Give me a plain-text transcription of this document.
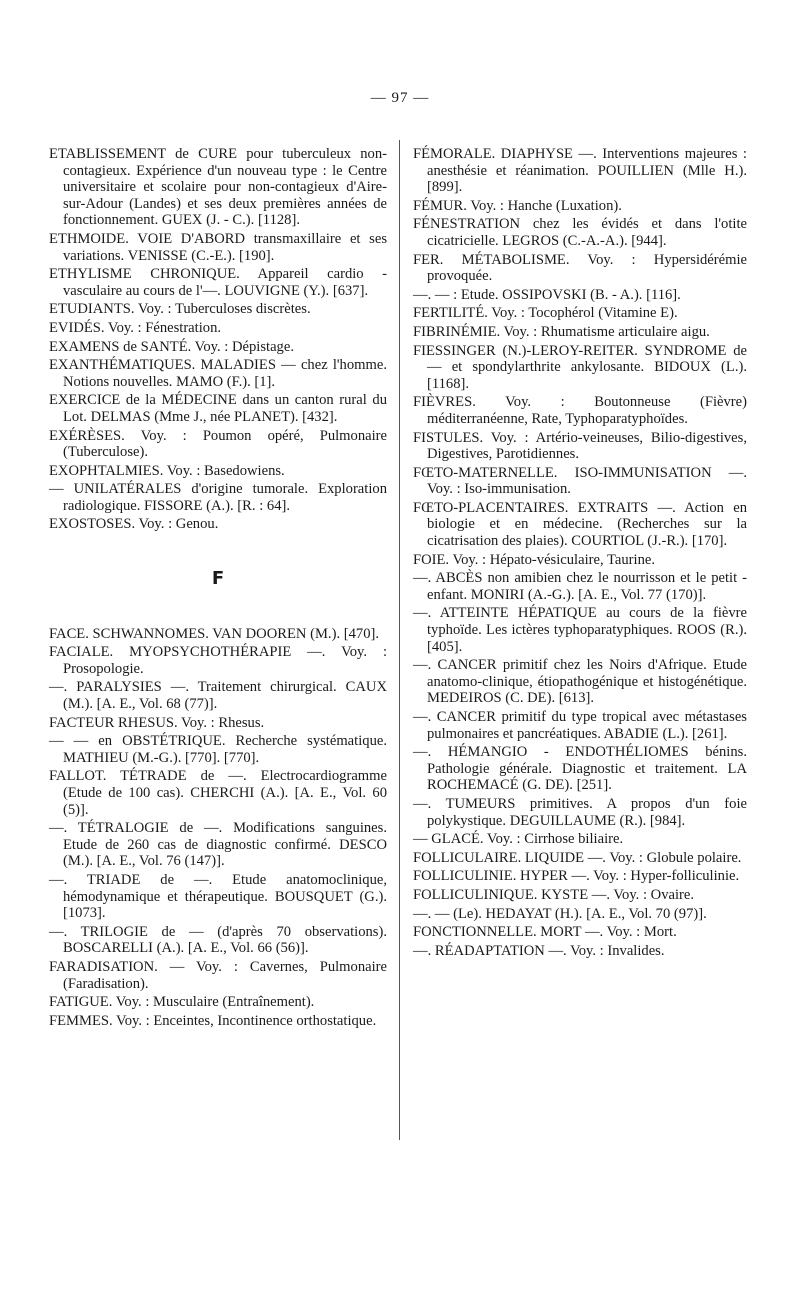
— 97 —

ETABLISSEMENT de CURE pour tuberculeux non-contagieux. Expérience d'un nouveau type : le Centre universitaire et scolaire pour non-contagieux d'Aire-sur-Adour (Landes) et ses deux premières années de fonctionnement. GUEX (J. - C.). [1128].

ETHMOIDE. VOIE D'ABORD transmaxillaire et ses variations. VENISSE (C.-E.). [190].

ETHYLISME CHRONIQUE. Appareil cardio - vasculaire au cours de l'—. LOUVIGNE (Y.). [637].

ETUDIANTS. Voy. : Tuberculoses discrètes.

EVIDÉS. Voy. : Fénestration.

EXAMENS de SANTÉ. Voy. : Dépistage.

EXANTHÉMATIQUES. MALADIES — chez l'homme. Notions nouvelles. MAMO (F.). [1].

EXERCICE de la MÉDECINE dans un canton rural du Lot. DELMAS (Mme J., née PLANET). [432].

EXÉRÈSES. Voy. : Poumon opéré, Pulmonaire (Tuberculose).

EXOPHTALMIES. Voy. : Basedowiens.

— UNILATÉRALES d'origine tumorale. Exploration radiologique. FISSORE (A.). [R. : 64].

EXOSTOSES. Voy. : Genou.

F

FACE. SCHWANNOMES. VAN DOOREN (M.). [470].

FACIALE. MYOPSYCHOTHÉRAPIE —. Voy. : Prosopologie.

—. PARALYSIES —. Traitement chirurgical. CAUX (M.). [A. E., Vol. 68 (77)].

FACTEUR RHESUS. Voy. : Rhesus.

— — en OBSTÉTRIQUE. Recherche systématique. MATHIEU (M.-G.). [770]. [770].

FALLOT. TÉTRADE de —. Electrocardiogramme (Etude de 100 cas). CHERCHI (A.). [A. E., Vol. 60 (5)].

—. TÉTRALOGIE de —. Modifications sanguines. Etude de 260 cas de diagnostic confirmé. DESCO (M.). [A. E., Vol. 76 (147)].

—. TRIADE de —. Etude anatomoclinique, hémodynamique et thérapeutique. BOUSQUET (G.). [1073].

—. TRILOGIE de — (d'après 70 observations). BOSCARELLI (A.). [A. E., Vol. 66 (56)].

FARADISATION. — Voy. : Cavernes, Pulmonaire (Faradisation).

FATIGUE. Voy. : Musculaire (Entraînement).

FEMMES. Voy. : Enceintes, Incontinence orthostatique.

FÉMORALE. DIAPHYSE —. Interventions majeures : anesthésie et réanimation. POUILLIEN (Mlle H.). [899].

FÉMUR. Voy. : Hanche (Luxation).

FÉNESTRATION chez les évidés et dans l'otite cicatricielle. LEGROS (C.-A.-A.). [944].

FER. MÉTABOLISME. Voy. : Hypersidérémie provoquée.

—. — : Etude. OSSIPOVSKI (B. - A.). [116].

FERTILITÉ. Voy. : Tocophérol (Vitamine E).

FIBRINÉMIE. Voy. : Rhumatisme articulaire aigu.

FIESSINGER (N.)-LEROY-REITER. SYNDROME de — et spondylarthrite ankylosante. BIDOUX (L.). [1168].

FIÈVRES. Voy. : Boutonneuse (Fièvre) méditerranéenne, Rate, Typhoparatyphoïdes.

FISTULES. Voy. : Artério-veineuses, Bilio-digestives, Digestives, Parotidiennes.

FŒTO-MATERNELLE. ISO-IMMUNISATION —. Voy. : Iso-immunisation.

FŒTO-PLACENTAIRES. EXTRAITS —. Action en biologie et en médecine. (Recherches sur la cicatrisation des plaies). COURTIOL (J.-R.). [170].

FOIE. Voy. : Hépato-vésiculaire, Taurine.

—. ABCÈS non amibien chez le nourrisson et le petit - enfant. MONIRI (A.-G.). [A. E., Vol. 77 (170)].

—. ATTEINTE HÉPATIQUE au cours de la fièvre typhoïde. Les ictères typhoparatyphiques. ROOS (R.). [405].

—. CANCER primitif chez les Noirs d'Afrique. Etude anatomo-clinique, étiopathogénique et histogénétique. MEDEIROS (C. DE). [613].

—. CANCER primitif du type tropical avec métastases pulmonaires et pancréatiques. ABADIE (L.). [261].

—. HÉMANGIO - ENDOTHÉLIOMES bénins. Pathologie générale. Diagnostic et traitement. LA ROCHEMACÉ (G. DE). [251].

—. TUMEURS primitives. A propos d'un foie polykystique. DEGUILLAUME (R.). [984].

— GLACÉ. Voy. : Cirrhose biliaire.

FOLLICULAIRE. LIQUIDE —. Voy. : Globule polaire.

FOLLICULINIE. HYPER —. Voy. : Hyper-folliculinie.

FOLLICULINIQUE. KYSTE —. Voy. : Ovaire.

—. — (Le). HEDAYAT (H.). [A. E., Vol. 70 (97)].

FONCTIONNELLE. MORT —. Voy. : Mort.

—. RÉADAPTATION —. Voy. : Invalides.
